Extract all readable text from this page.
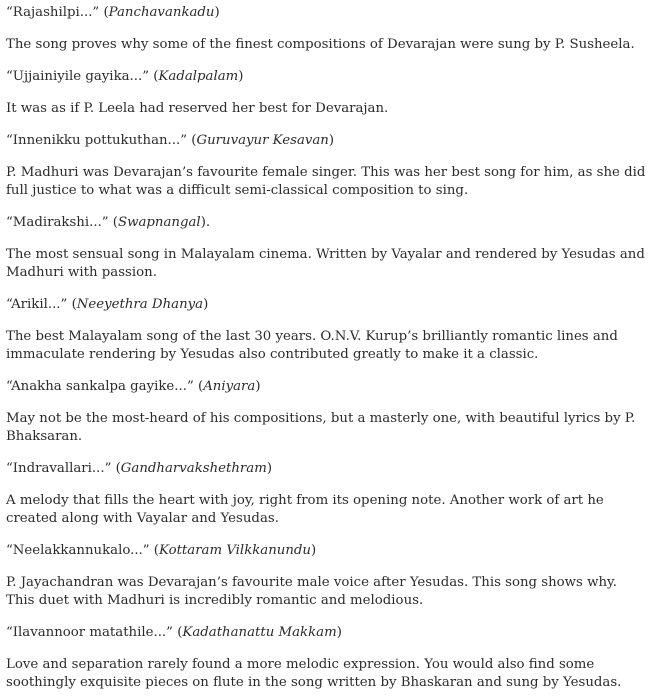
“Rajashilpi...” (Panchavankadu)

The song proves why some of the finest compositions of Devarajan were sung by P. Susheela.

“Ujjainiyile gayika...” (Kadalpalam)

It was as if P. Leela had reserved her best for Devarajan.

“Innenikku pottukuthan...” (Guruvayur Kesavan)

P. Madhuri was Devarajan’s favourite female singer. This was her best song for him, as she did full justice to what was a difficult semi-classical composition to sing.

“Madirakshi...” (Swapnangal).

The most sensual song in Malayalam cinema. Written by Vayalar and rendered by Yesudas and Madhuri with passion.

“Arikil...” (Neeyethra Dhanya)

The best Malayalam song of the last 30 years. O.N.V. Kurup’s brilliantly romantic lines and immaculate rendering by Yesudas also contributed greatly to make it a classic.

“Anakha sankalpa gayike...” (Aniyara)

May not be the most-heard of his compositions, but a masterly one, with beautiful lyrics by P. Bhaksaran.

“Indravallari...” (Gandharvakshethram)

A melody that fills the heart with joy, right from its opening note. Another work of art he created along with Vayalar and Yesudas.

“Neelakkannukalo...” (Kottaram Vilkkanundu)

P. Jayachandran was Devarajan’s favourite male voice after Yesudas. This song shows why. This duet with Madhuri is incredibly romantic and melodious.

“Ilavannoor matathile...” (Kadathanattu Makkam)

Love and separation rarely found a more melodic expression. You would also find some soothingly exquisite pieces on flute in the song written by Bhaskaran and sung by Yesudas.
